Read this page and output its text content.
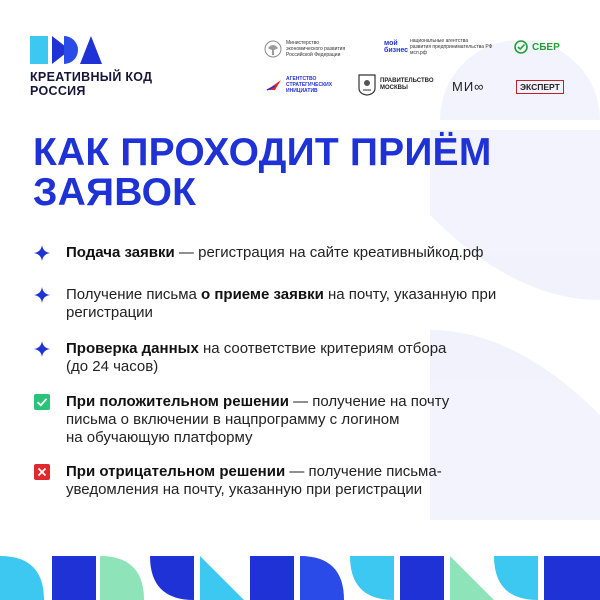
КРЕАТИВНЫЙ КОД
РОССИЯ
Министерство
экономического развития
Российской Федерации
мой бизнес
национальные агентства
развития предпринимательства РФ
мсп.рф
СБЕР
АГЕНТСТВО
СТРАТЕГИЧЕСКИХ
ИНИЦИАТИВ
ПРАВИТЕЛЬСТВО
МОСКВЫ	МИ∞	ЭКСПЕРТ
КАК ПРОХОДИТ ПРИЁМ
ЗАЯВОК
Подача заявки — регистрация на сайте креативныйкод.рф
Получение письма о приеме заявки на почту, указанную при
регистрации
Проверка данных на соответствие критериям отбора
(до 24 часов)
При положительном решении — получение на почту
письма о включении в нацпрограмму с логином
на обучающую платформу
При отрицательном решении — получение письма-
уведомления на почту, указанную при регистрации
